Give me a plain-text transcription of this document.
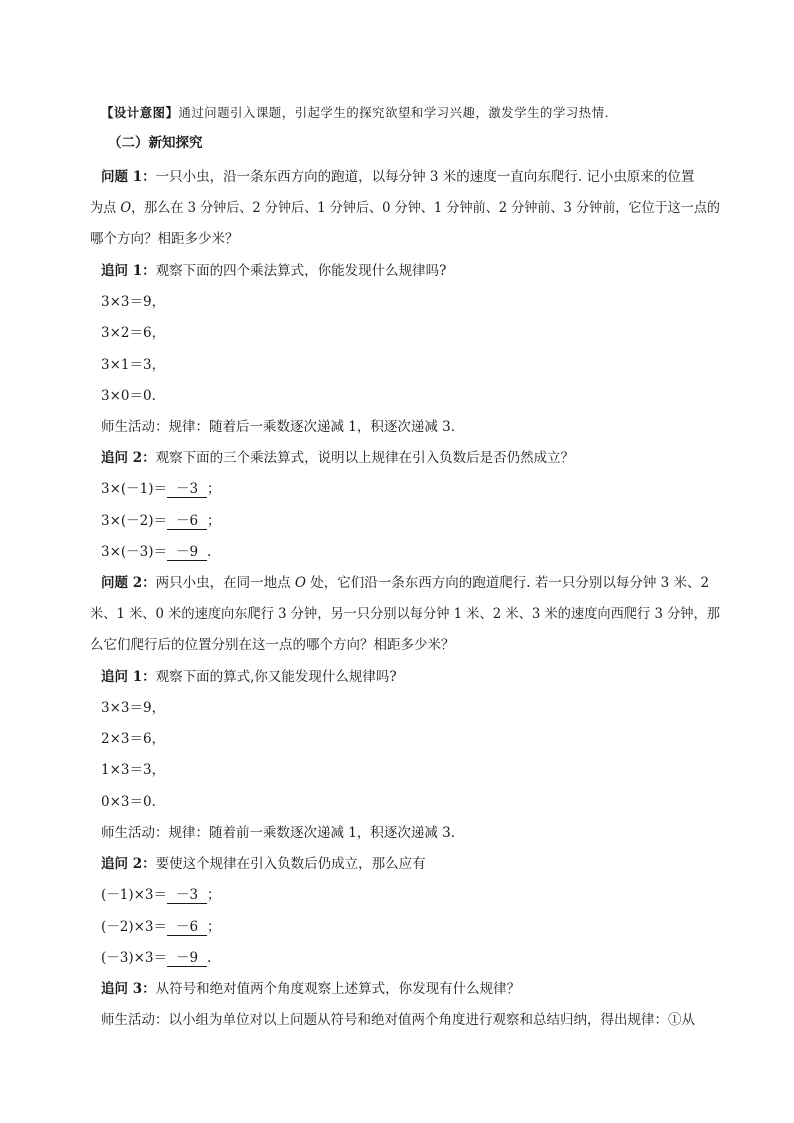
【设计意图】通过问题引入课题，引起学生的探究欲望和学习兴趣，激发学生的学习热情.
（二）新知探究
问题 1：一只小虫，沿一条东西方向的跑道，以每分钟 3 米的速度一直向东爬行. 记小虫原来的位置
为点 O，那么在 3 分钟后、2 分钟后、1 分钟后、0 分钟、1 分钟前、2 分钟前、3 分钟前，它位于这一点的
哪个方向？相距多少米？
追问 1：观察下面的四个乘法算式，你能发现什么规律吗?
3×3＝9，
3×2＝6，
3×1＝3，
3×0＝0.
师生活动：规律：随着后一乘数逐次递减 1，积逐次递减 3.
追问 2：观察下面的三个乘法算式，说明以上规律在引入负数后是否仍然成立？
3×(－1)＝ －3 ；
3×(－2)＝ －6 ；
3×(－3)＝ －9 .
问题 2：两只小虫，在同一地点 O 处，它们沿一条东西方向的跑道爬行. 若一只分别以每分钟 3 米、2
米、1 米、0 米的速度向东爬行 3 分钟，另一只分别以每分钟 1 米、2 米、3 米的速度向西爬行 3 分钟，那
么它们爬行后的位置分别在这一点的哪个方向？相距多少米？
追问 1：观察下面的算式,你又能发现什么规律吗?
3×3＝9，
2×3＝6，
1×3＝3，
0×3＝0.
师生活动：规律：随着前一乘数逐次递减 1，积逐次递减 3.
追问 2：要使这个规律在引入负数后仍成立，那么应有
(－1)×3＝ －3 ；
(－2)×3＝ －6 ；
(－3)×3＝ －9 .
追问 3：从符号和绝对值两个角度观察上述算式，你发现有什么规律？
师生活动：以小组为单位对以上问题从符号和绝对值两个角度进行观察和总结归纳，得出规律：①从
